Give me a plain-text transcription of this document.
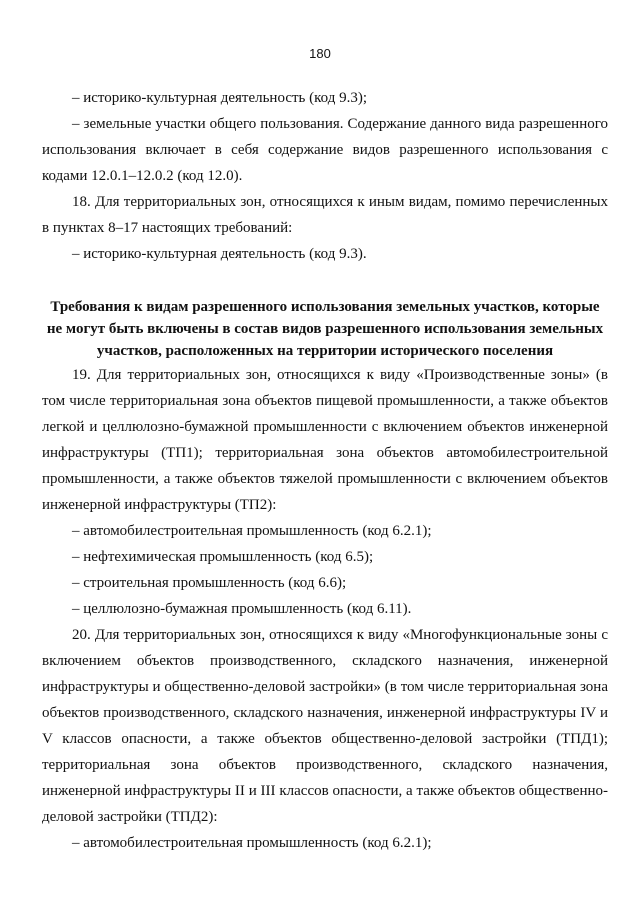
180

– историко-культурная деятельность (код 9.3);

– земельные участки общего пользования. Содержание данного вида разрешенного использования включает в себя содержание видов разрешенного использования с кодами 12.0.1–12.0.2 (код 12.0).

18. Для территориальных зон, относящихся к иным видам, помимо перечисленных в пунктах 8–17 настоящих требований:

– историко-культурная деятельность (код 9.3).

Требования к видам разрешенного использования земельных участков, которые не могут быть включены в состав видов разрешенного использования земельных участков, расположенных на территории исторического поселения

19. Для территориальных зон, относящихся к виду «Производственные зоны» (в том числе территориальная зона объектов пищевой промышленности, а также объектов легкой и целлюлозно-бумажной промышленности с включением объектов инженерной инфраструктуры (ТП1); территориальная зона объектов автомобилестроительной промышленности, а также объектов тяжелой промышленности с включением объектов инженерной инфраструктуры (ТП2):

– автомобилестроительная промышленность (код 6.2.1);

– нефтехимическая промышленность (код 6.5);

– строительная промышленность (код 6.6);

– целлюлозно-бумажная промышленность (код 6.11).

20. Для территориальных зон, относящихся к виду «Многофункциональные зоны с включением объектов производственного, складского назначения, инженерной инфраструктуры и общественно-деловой застройки» (в том числе территориальная зона объектов производственного, складского назначения, инженерной инфраструктуры IV и V классов опасности, а также объектов общественно-деловой застройки (ТПД1); территориальная зона объектов производственного, складского назначения, инженерной инфраструктуры II и III классов опасности, а также объектов общественно-деловой застройки (ТПД2):

– автомобилестроительная промышленность (код 6.2.1);
